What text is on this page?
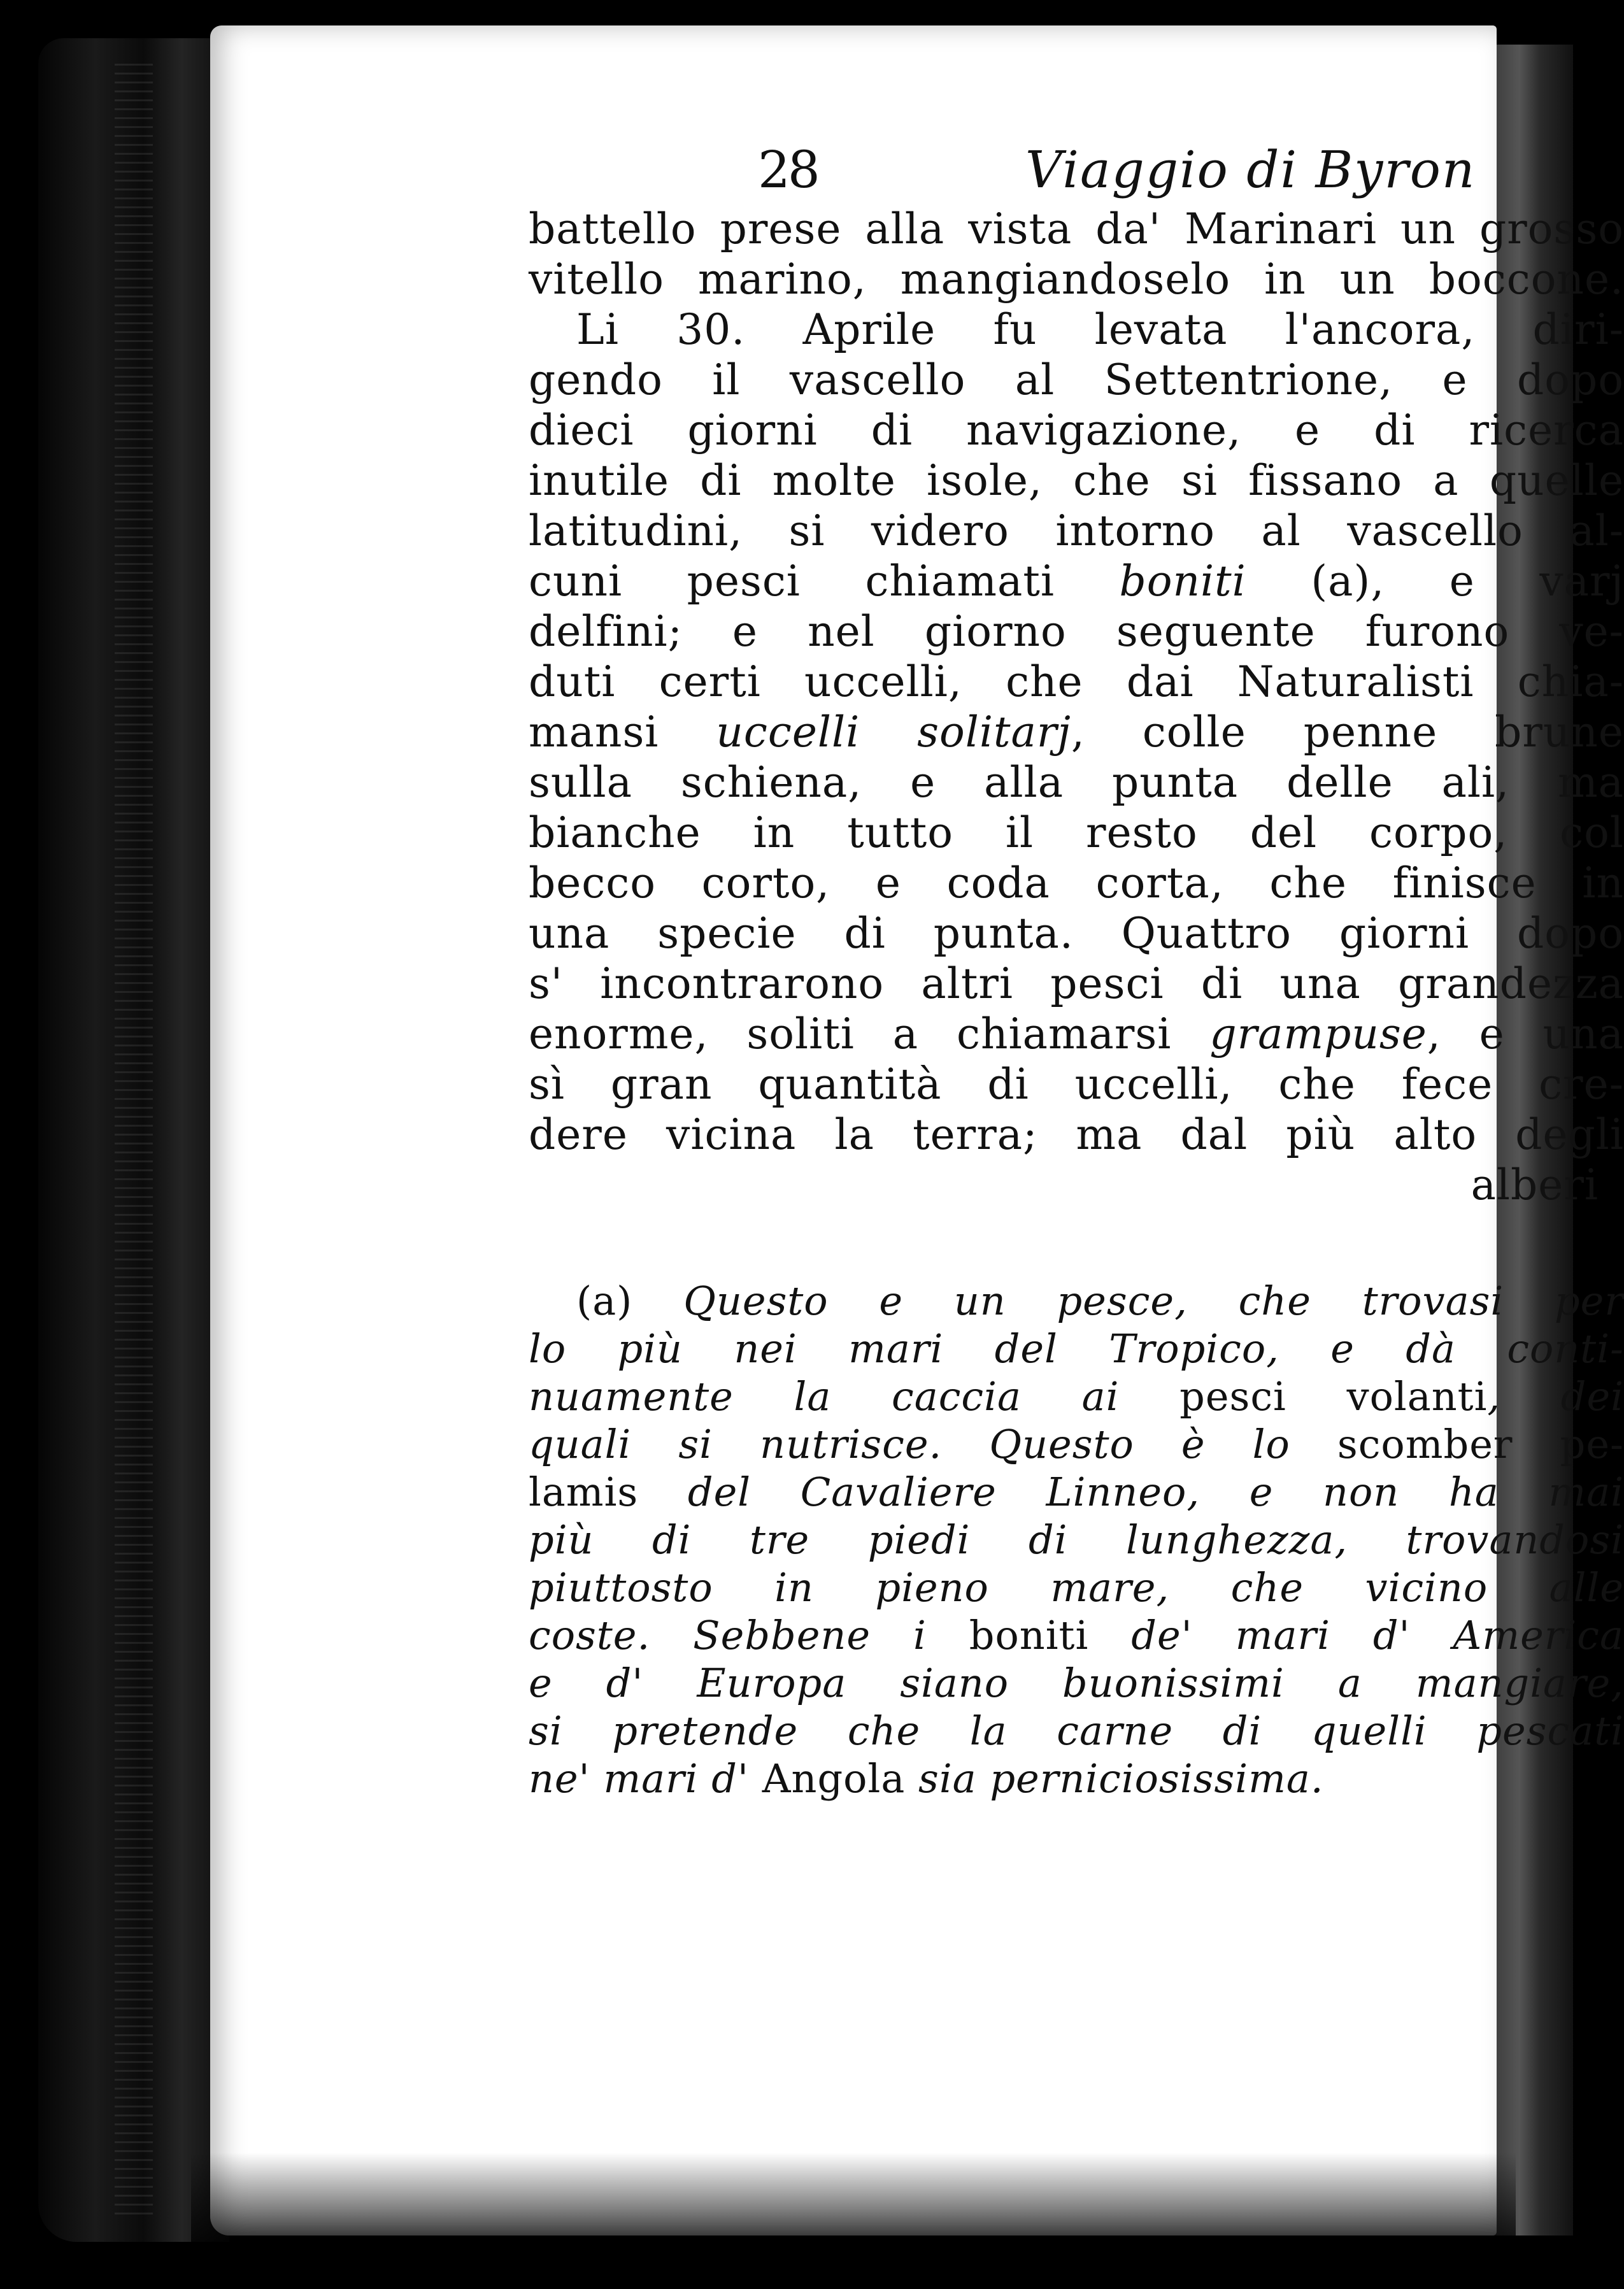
28	Viaggio di Byron
battello prese alla vista da' Marinari un grosso
vitello marino, mangiandoselo in un boccone.
Li 30. Aprile fu levata l'ancora, diri-
gendo il vascello al Settentrione, e dopo
dieci giorni di navigazione, e di ricerca
inutile di molte isole, che si fissano a quelle
latitudini, si videro intorno al vascello al-
cuni pesci chiamati boniti (a), e varj
delfini; e nel giorno seguente furono ve-
duti certi uccelli, che dai Naturalisti chia-
mansi uccelli solitarj, colle penne brune
sulla schiena, e alla punta delle ali, ma
bianche in tutto il resto del corpo, col
becco corto, e coda corta, che finisce in
una specie di punta. Quattro giorni dopo
s' incontrarono altri pesci di una grandezza
enorme, soliti a chiamarsi grampuse, e una
sì gran quantità di uccelli, che fece cre-
dere vicina la terra; ma dal più alto degli
alberi
(a) Questo e un pesce, che trovasi per
lo più nei mari del Tropico, e dà conti-
nuamente la caccia ai pesci volanti, dei
quali si nutrisce. Questo è lo scomber pe-
lamis del Cavaliere Linneo, e non ha mai
più di tre piedi di lunghezza, trovandosi
piuttosto in pieno mare, che vicino alle
coste. Sebbene i boniti de' mari d' America
e d' Europa siano buonissimi a mangiare,
si pretende che la carne di quelli pescati
ne' mari d' Angola sia perniciosissima.
